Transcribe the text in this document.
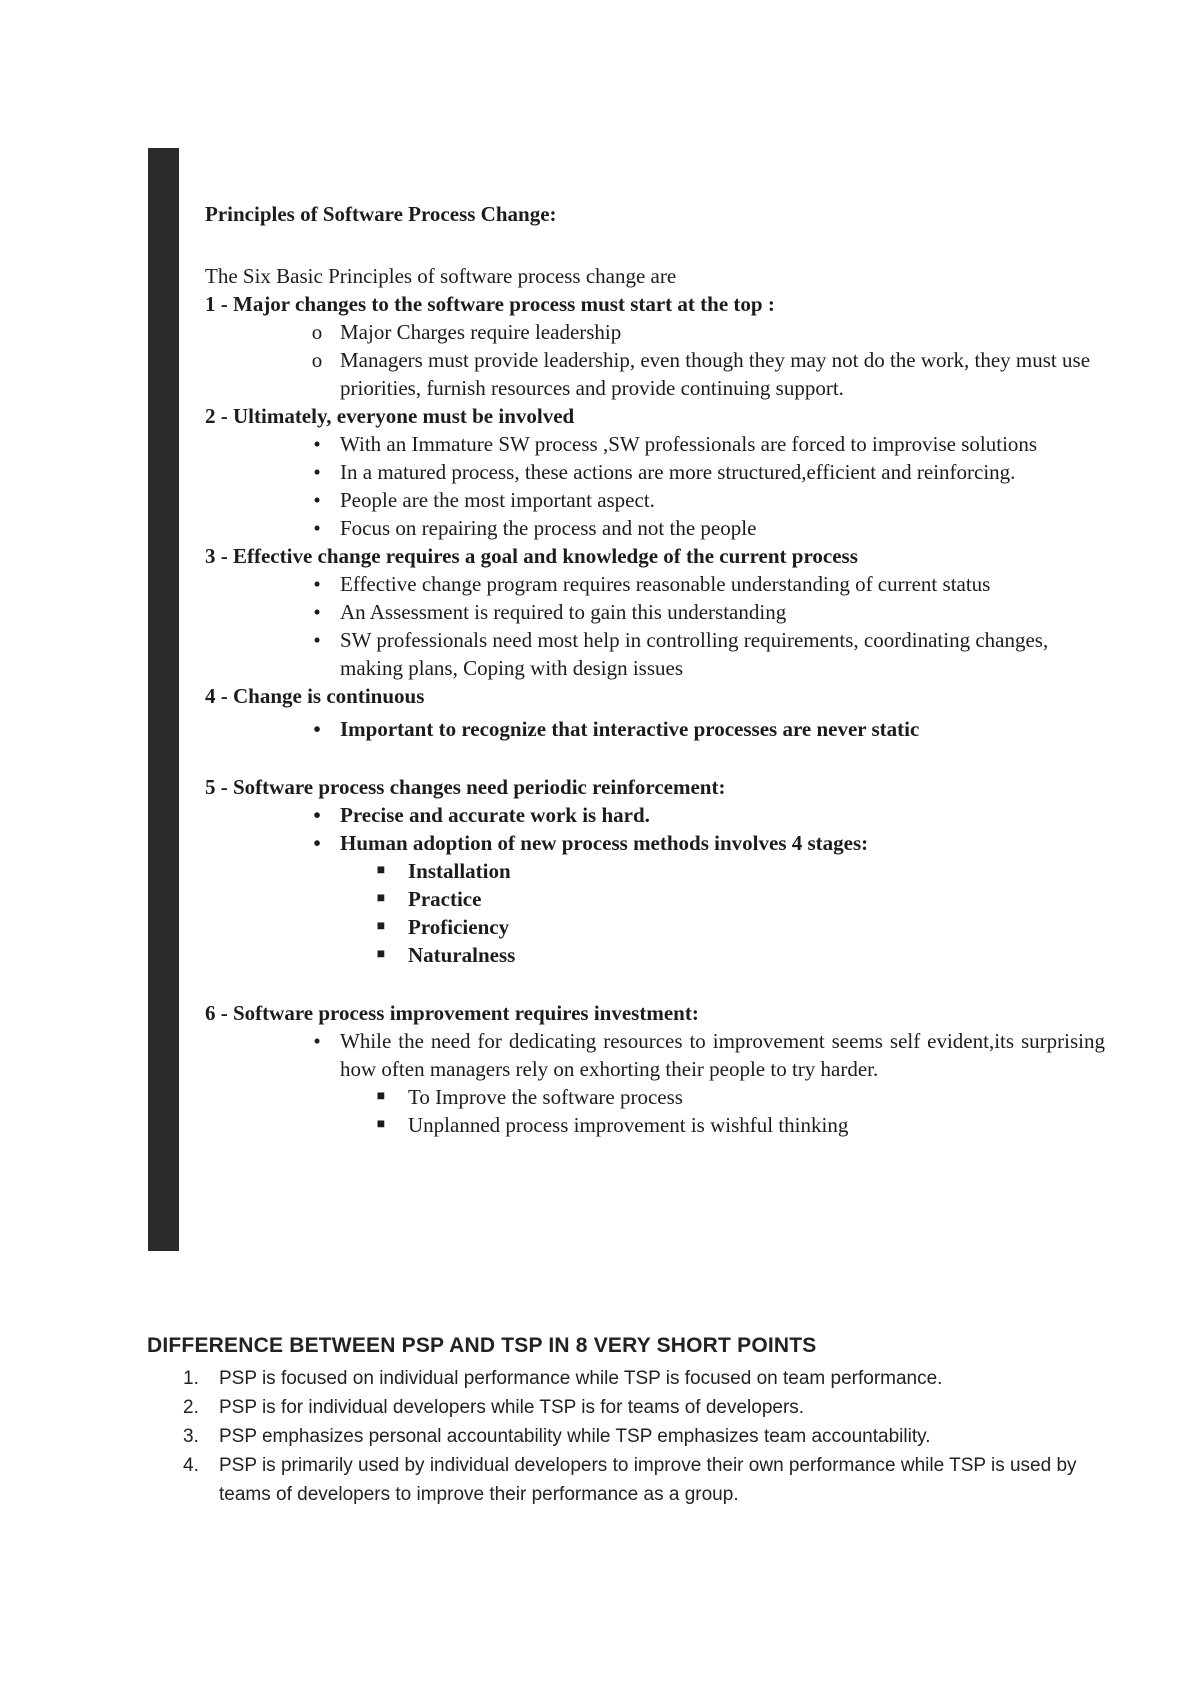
Principles of Software Process Change:

The Six Basic Principles of software process change are

1 - Major changes to the software process must start at the top :

o Major Charges require leadership
o Managers must provide leadership, even though they may not do the work, they must use priorities, furnish resources and provide continuing support.

2 - Ultimately, everyone must be involved

• With an Immature SW process ,SW professionals are forced to improvise solutions
• In a matured process, these actions are more structured,efficient and reinforcing.
• People are the most important aspect.
• Focus on repairing the process and not the people

3 - Effective change requires a goal and knowledge of the current process

• Effective change program requires reasonable understanding of current status
• An Assessment is required to gain this understanding
• SW professionals need most help in controlling requirements, coordinating changes, making plans, Coping with design issues

4 - Change is continuous

• Important to recognize that interactive processes are never static

5 - Software process changes need periodic reinforcement:

• Precise and accurate work is hard.
• Human adoption of new process methods involves 4 stages:
■ Installation
■ Practice
■ Proficiency
■ Naturalness

6 - Software process improvement requires investment:

• While the need for dedicating resources to improvement seems self evident,its surprising how often managers rely on exhorting their people to try harder.
■ To Improve the software process
■ Unplanned process improvement is wishful thinking

DIFFERENCE BETWEEN PSP AND TSP IN 8 VERY SHORT POINTS

1. PSP is focused on individual performance while TSP is focused on team performance.
2. PSP is for individual developers while TSP is for teams of developers.
3. PSP emphasizes personal accountability while TSP emphasizes team accountability.
4. PSP is primarily used by individual developers to improve their own performance while TSP is used by teams of developers to improve their performance as a group.
